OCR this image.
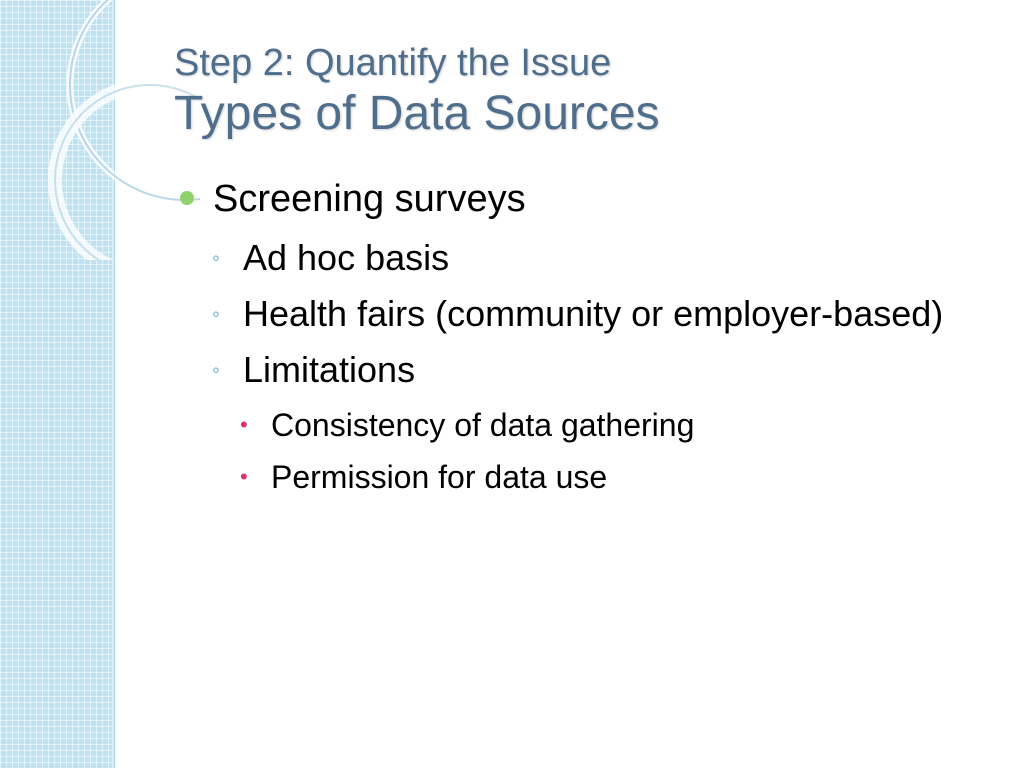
Step 2: Quantify the Issue
Types of Data Sources
Screening surveys
◦ Ad hoc basis
◦ Health fairs (community or employer-based)
◦ Limitations
• Consistency of data gathering
• Permission for data use
